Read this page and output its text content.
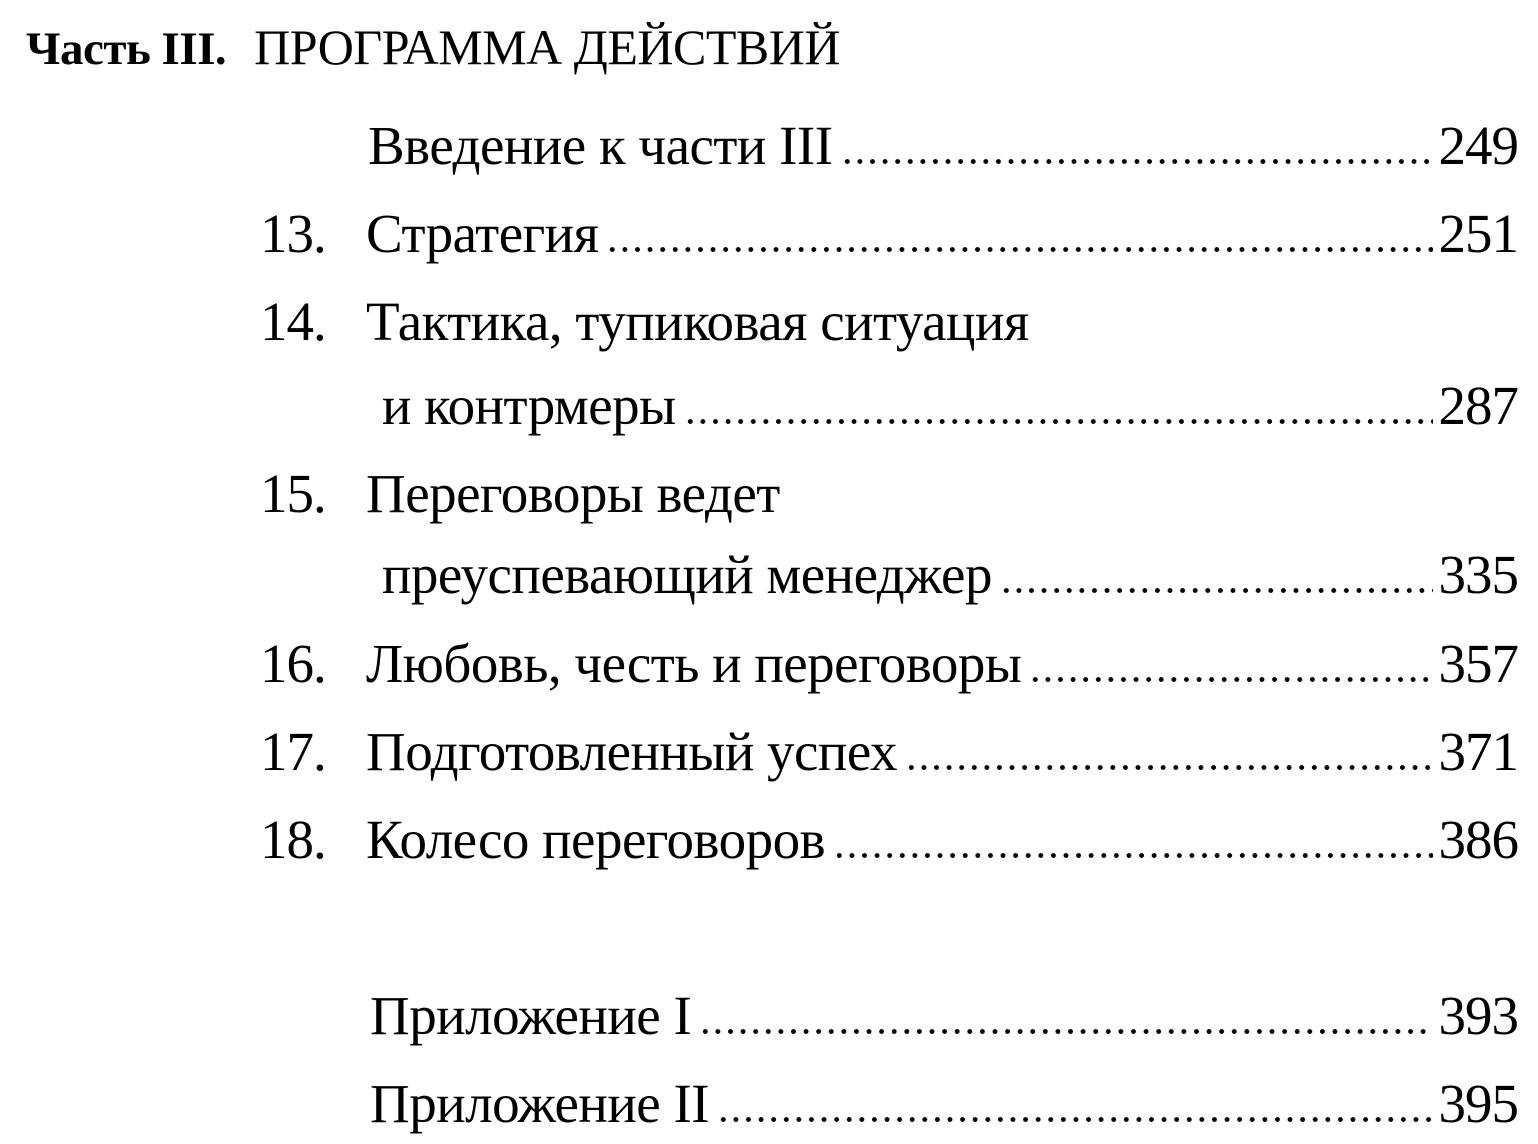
Часть III. ПРОГРАММА ДЕЙСТВИЙ
Введение к части III	249
13. Стратегия	251
14. Тактика, тупиковая ситуация
и контрмеры	287
15. Переговоры ведет
преуспевающий менеджер	335
16. Любовь, честь и переговоры	357
17. Подготовленный успех	371
18. Колесо переговоров	386
Приложение I	393
Приложение II	395
